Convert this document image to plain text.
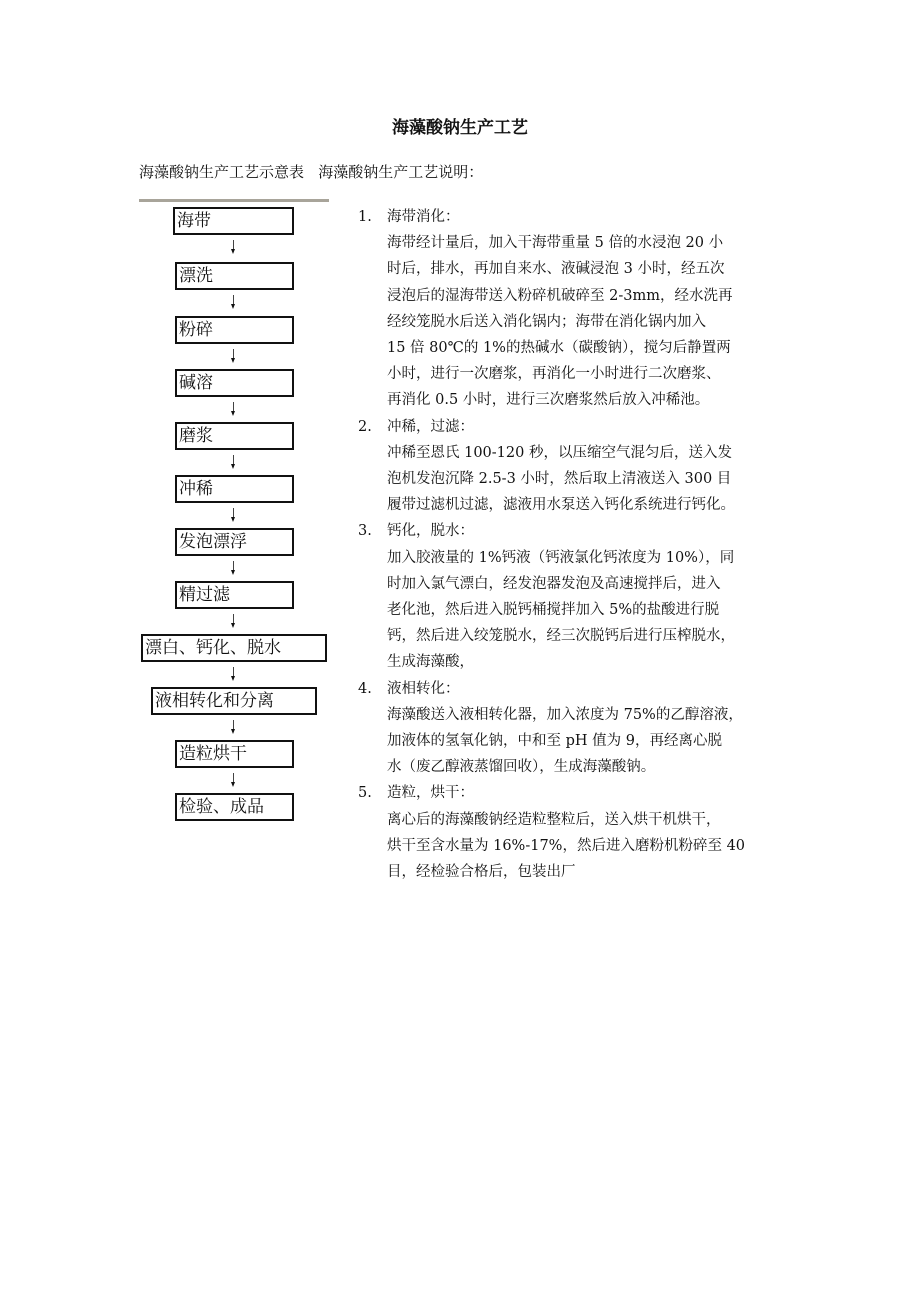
海藻酸钠生产工艺
海藻酸钠生产工艺示意表   海藻酸钠生产工艺说明：
海带
漂洗
粉碎
碱溶
磨浆
冲稀
发泡漂浮
精过滤
漂白、钙化、脱水
液相转化和分离
造粒烘干
检验、成品
1.	海带消化：
海带经计量后，加入干海带重量 5 倍的水浸泡 20 小
时后，排水，再加自来水、液碱浸泡 3 小时，经五次
浸泡后的湿海带送入粉碎机破碎至 2-3mm，经水洗再
经绞笼脱水后送入消化锅内；海带在消化锅内加入
15 倍 80℃的 1%的热碱水（碳酸钠），搅匀后静置两
小时，进行一次磨浆，再消化一小时进行二次磨浆、
再消化 0.5 小时，进行三次磨浆然后放入冲稀池。
2.	冲稀，过滤：
冲稀至恩氏 100-120 秒，以压缩空气混匀后，送入发
泡机发泡沉降 2.5-3 小时，然后取上清液送入 300 目
履带过滤机过滤，滤液用水泵送入钙化系统进行钙化。
3.	钙化，脱水：
加入胶液量的 1%钙液（钙液氯化钙浓度为 10%），同
时加入氯气漂白，经发泡器发泡及高速搅拌后，进入
老化池，然后进入脱钙桶搅拌加入 5%的盐酸进行脱
钙，然后进入绞笼脱水，经三次脱钙后进行压榨脱水，
生成海藻酸，
4.	液相转化：
海藻酸送入液相转化器，加入浓度为 75%的乙醇溶液，
加液体的氢氧化钠，中和至 pH 值为 9，再经离心脱
水（废乙醇液蒸馏回收），生成海藻酸钠。
5.	造粒，烘干：
离心后的海藻酸钠经造粒整粒后，送入烘干机烘干，
烘干至含水量为 16%-17%，然后进入磨粉机粉碎至 40
目，经检验合格后，包装出厂
